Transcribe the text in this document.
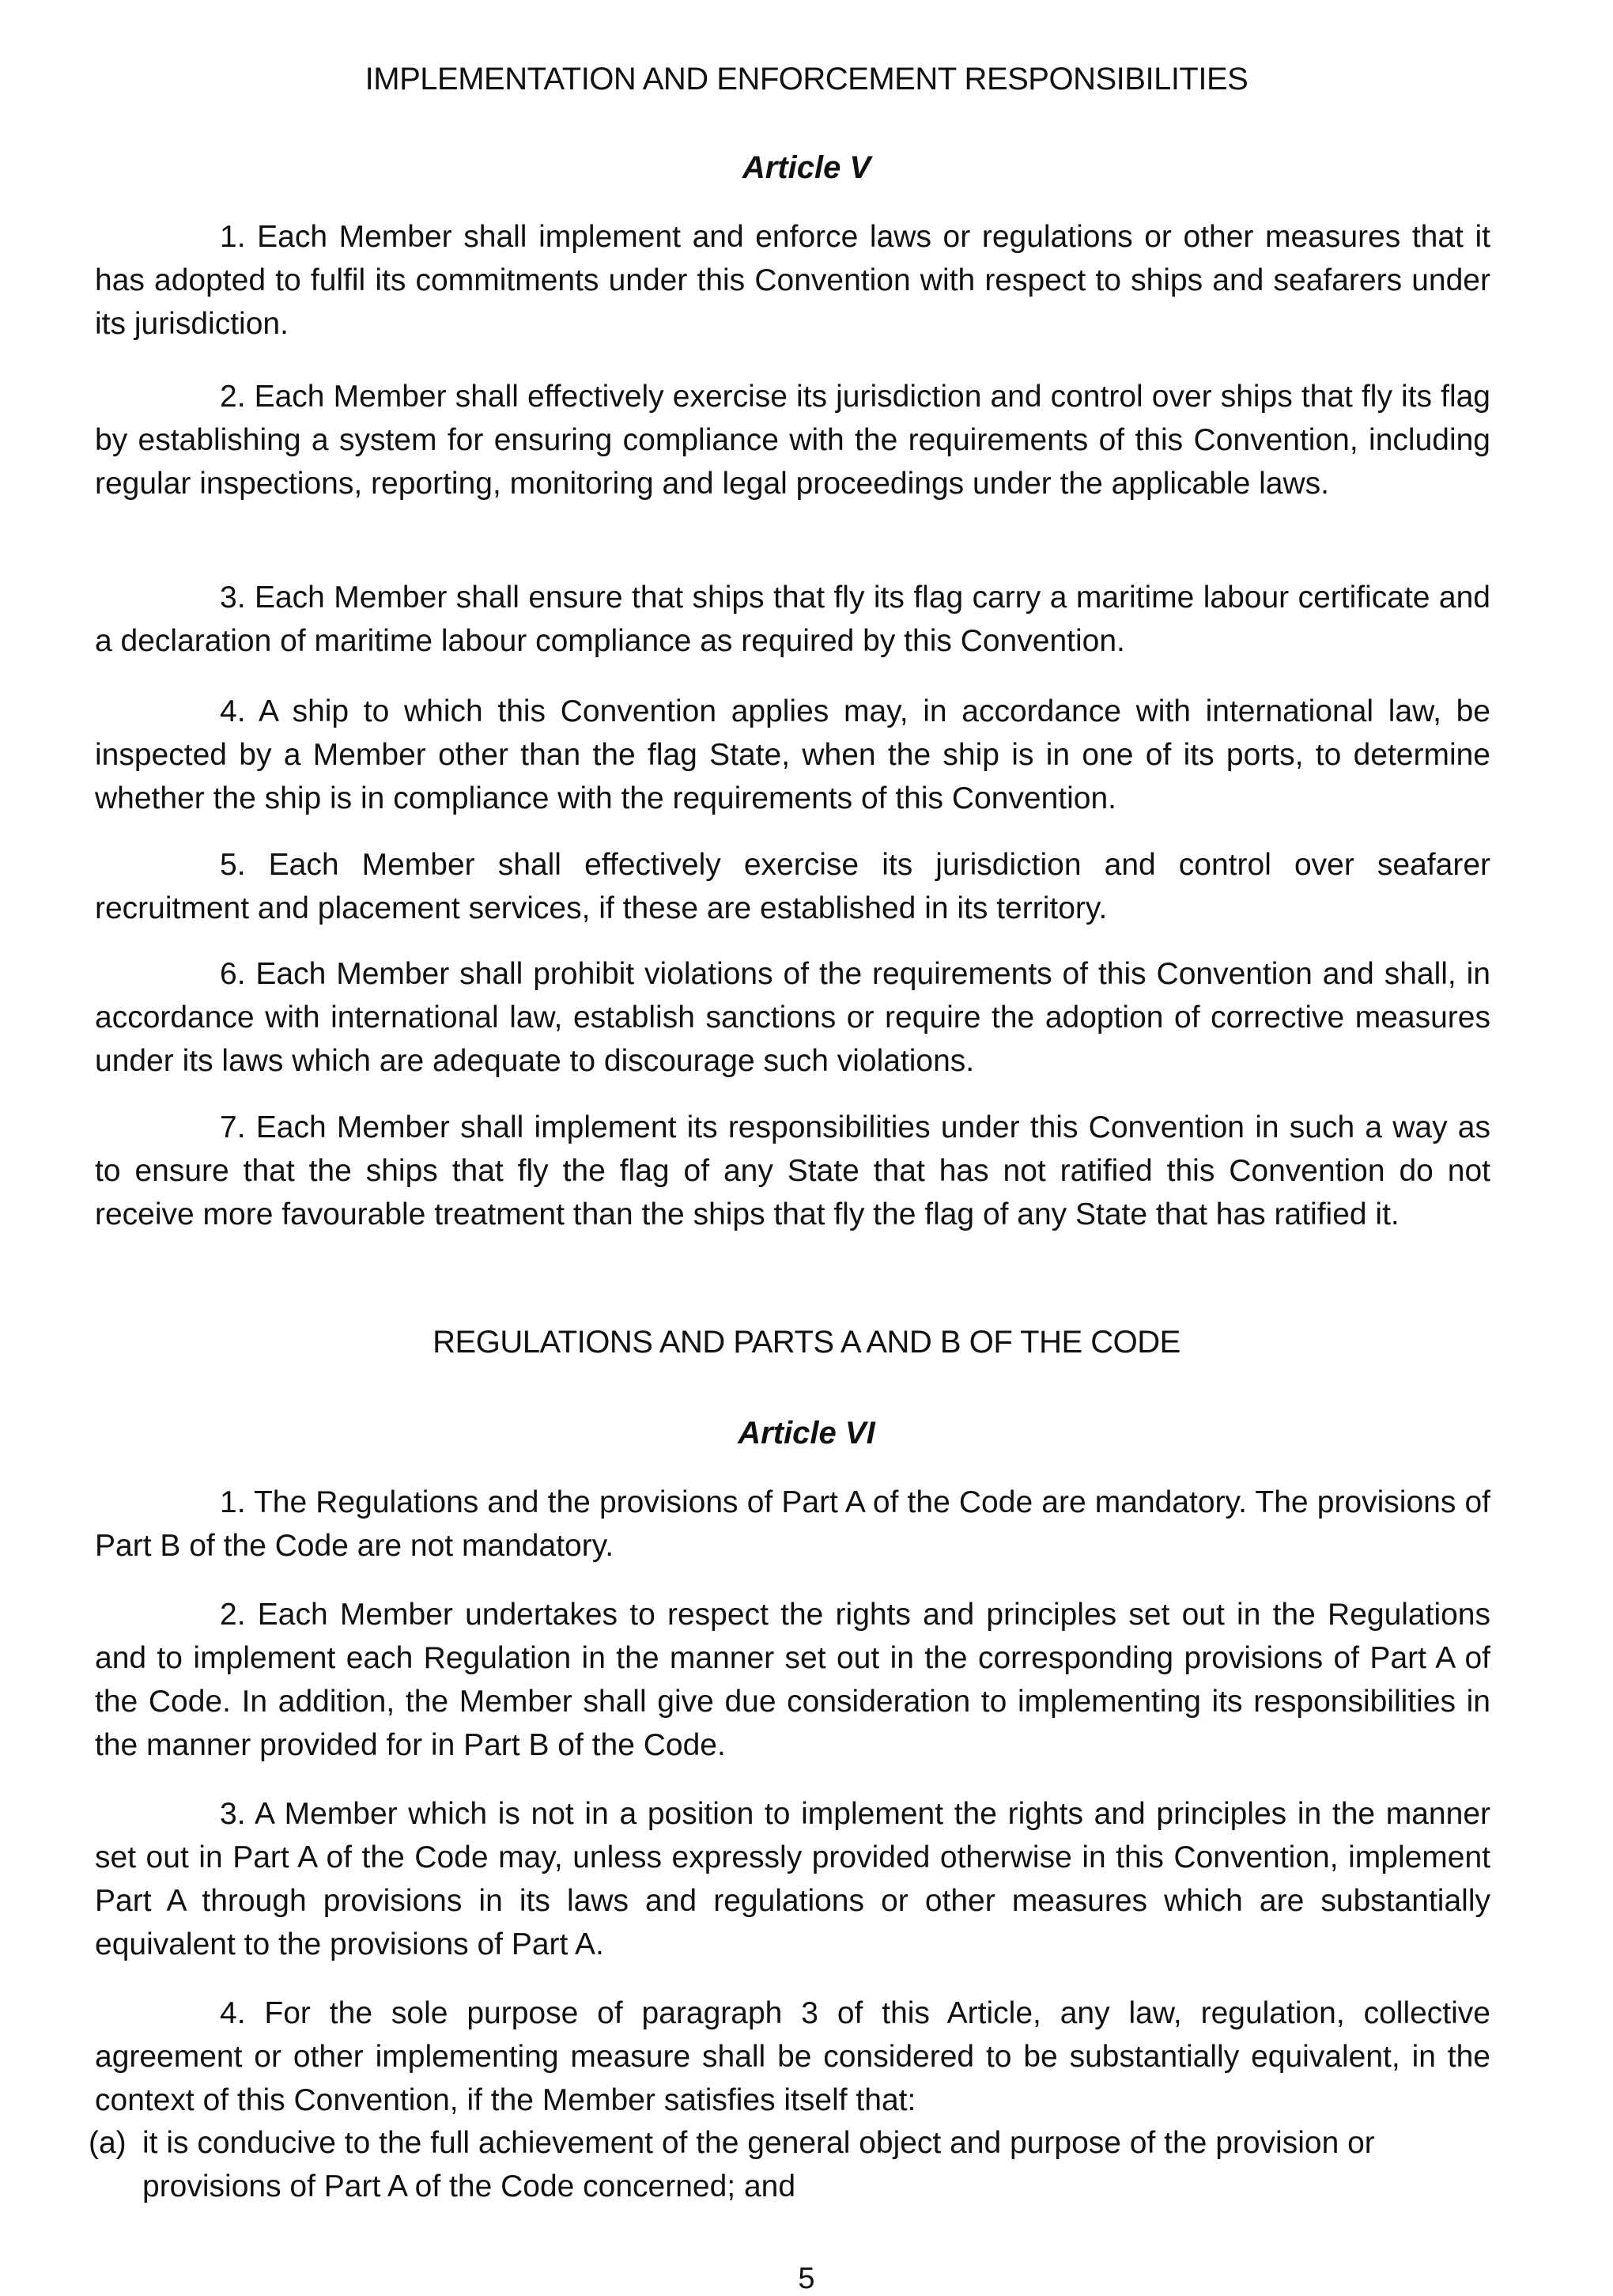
IMPLEMENTATION AND ENFORCEMENT RESPONSIBILITIES
Article V

1. Each Member shall implement and enforce laws or regulations or other measures that it has adopted to fulfil its commitments under this Convention with respect to ships and seafarers under its jurisdiction.

2. Each Member shall effectively exercise its jurisdiction and control over ships that fly its flag by establishing a system for ensuring compliance with the requirements of this Convention, including regular inspections, reporting, monitoring and legal proceedings under the applicable laws.

3. Each Member shall ensure that ships that fly its flag carry a maritime labour certificate and a declaration of maritime labour compliance as required by this Convention.

4. A ship to which this Convention applies may, in accordance with international law, be inspected by a Member other than the flag State, when the ship is in one of its ports, to determine whether the ship is in compliance with the requirements of this Convention.

5. Each Member shall effectively exercise its jurisdiction and control over seafarer recruitment and placement services, if these are established in its territory.

6. Each Member shall prohibit violations of the requirements of this Convention and shall, in accordance with international law, establish sanctions or require the adoption of corrective measures under its laws which are adequate to discourage such violations.

7. Each Member shall implement its responsibilities under this Convention in such a way as to ensure that the ships that fly the flag of any State that has not ratified this Convention do not receive more favourable treatment than the ships that fly the flag of any State that has ratified it.

REGULATIONS AND PARTS A AND B OF THE CODE
Article VI

1. The Regulations and the provisions of Part A of the Code are mandatory. The provisions of Part B of the Code are not mandatory.

2. Each Member undertakes to respect the rights and principles set out in the Regulations and to implement each Regulation in the manner set out in the corresponding provisions of Part A of the Code. In addition, the Member shall give due consideration to implementing its responsibilities in the manner provided for in Part B of the Code.

3. A Member which is not in a position to implement the rights and principles in the manner set out in Part A of the Code may, unless expressly provided otherwise in this Convention, implement Part A through provisions in its laws and regulations or other measures which are substantially equivalent to the provisions of Part A.

4. For the sole purpose of paragraph 3 of this Article, any law, regulation, collective agreement or other implementing measure shall be considered to be substantially equivalent, in the context of this Convention, if the Member satisfies itself that:

(a) it is conducive to the full achievement of the general object and purpose of the provision or provisions of Part A of the Code concerned; and
5
